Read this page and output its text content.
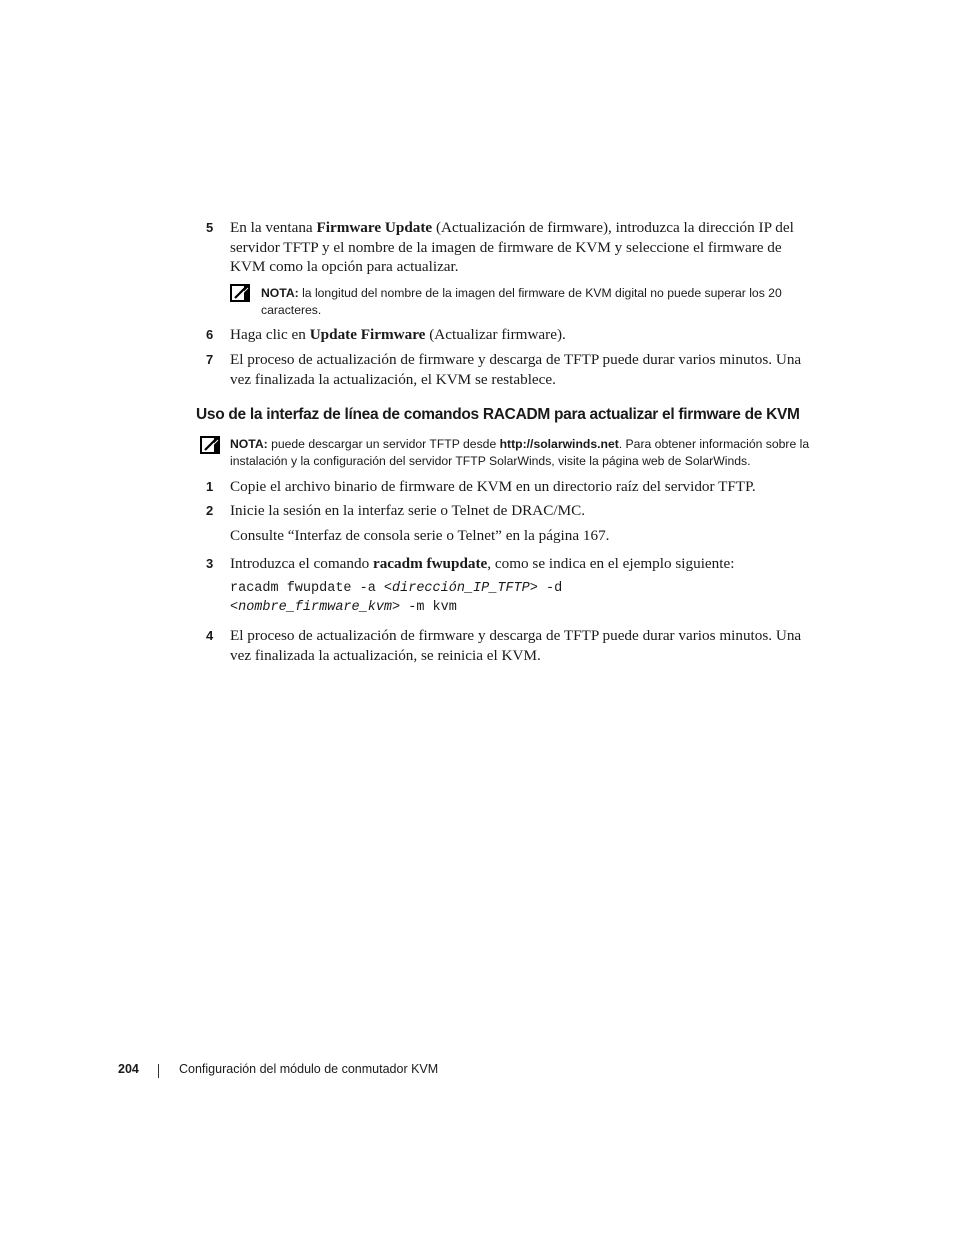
5	En la ventana Firmware Update (Actualización de firmware), introduzca la dirección IP del servidor TFTP y el nombre de la imagen de firmware de KVM y seleccione el firmware de KVM como la opción para actualizar.
NOTA: la longitud del nombre de la imagen del firmware de KVM digital no puede superar los 20 caracteres.
6	Haga clic en Update Firmware (Actualizar firmware).
7	El proceso de actualización de firmware y descarga de TFTP puede durar varios minutos. Una vez finalizada la actualización, el KVM se restablece.
Uso de la interfaz de línea de comandos RACADM para actualizar el firmware de KVM
NOTA: puede descargar un servidor TFTP desde http://solarwinds.net. Para obtener información sobre la instalación y la configuración del servidor TFTP SolarWinds, visite la página web de SolarWinds.
1	Copie el archivo binario de firmware de KVM en un directorio raíz del servidor TFTP.
2	Inicie la sesión en la interfaz serie o Telnet de DRAC/MC.
Consulte “Interfaz de consola serie o Telnet” en la página 167.
3	Introduzca el comando racadm fwupdate, como se indica en el ejemplo siguiente:
racadm fwupdate -a <dirección_IP_TFTP> -d
<nombre_firmware_kvm> -m kvm
4	El proceso de actualización de firmware y descarga de TFTP puede durar varios minutos. Una vez finalizada la actualización, se reinicia el KVM.
204	Configuración del módulo de conmutador KVM
